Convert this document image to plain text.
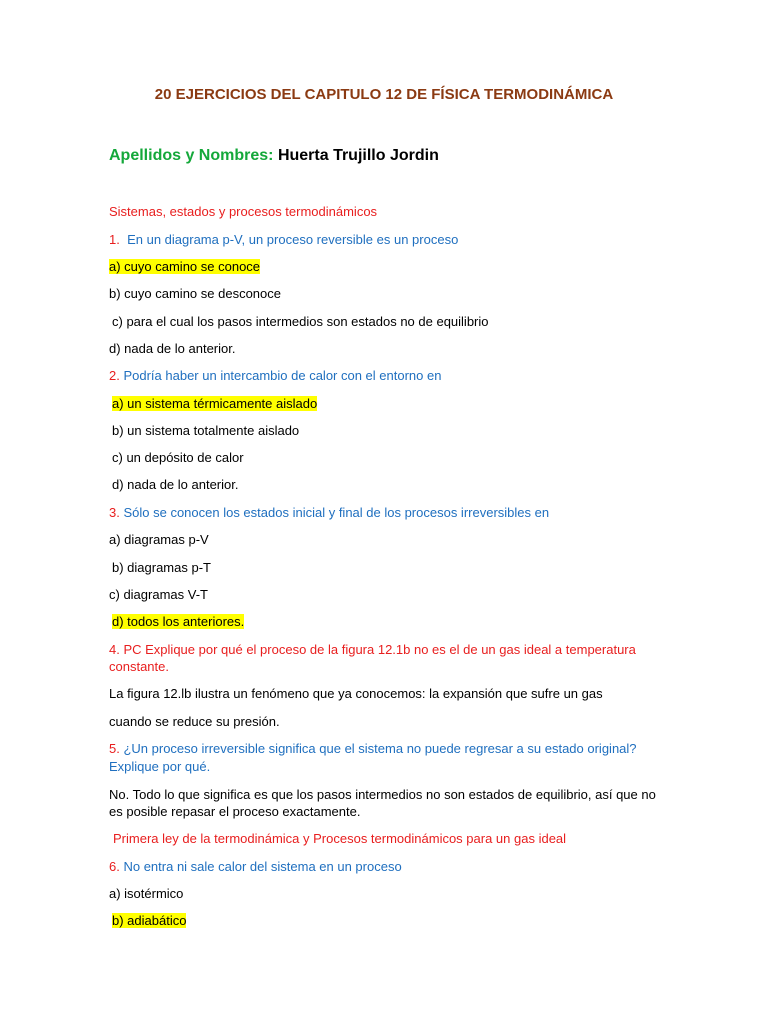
20 EJERCICIOS DEL CAPITULO 12 DE FÍSICA TERMODINÁMICA
Apellidos y Nombres: Huerta Trujillo Jordin
Sistemas, estados y procesos termodinámicos
1. En un diagrama p-V, un proceso reversible es un proceso
a) cuyo camino se conoce
b) cuyo camino se desconoce
c) para el cual los pasos intermedios son estados no de equilibrio
d) nada de lo anterior.
2. Podría haber un intercambio de calor con el entorno en
a) un sistema térmicamente aislado
b) un sistema totalmente aislado
c) un depósito de calor
d) nada de lo anterior.
3. Sólo se conocen los estados inicial y final de los procesos irreversibles en
a) diagramas p-V
b) diagramas p-T
c) diagramas V-T
d) todos los anteriores.
4. PC Explique por qué el proceso de la figura 12.1b no es el de un gas ideal a temperatura
constante.
La figura 12.lb ilustra un fenómeno que ya conocemos: la expansión que sufre un gas
cuando se reduce su presión.
5. ¿Un proceso irreversible significa que el sistema no puede regresar a su estado original?
Explique por qué.
No. Todo lo que significa es que los pasos intermedios no son estados de equilibrio, así que no
es posible repasar el proceso exactamente.
Primera ley de la termodinámica y Procesos termodinámicos para un gas ideal
6. No entra ni sale calor del sistema en un proceso
a) isotérmico
b) adiabático
